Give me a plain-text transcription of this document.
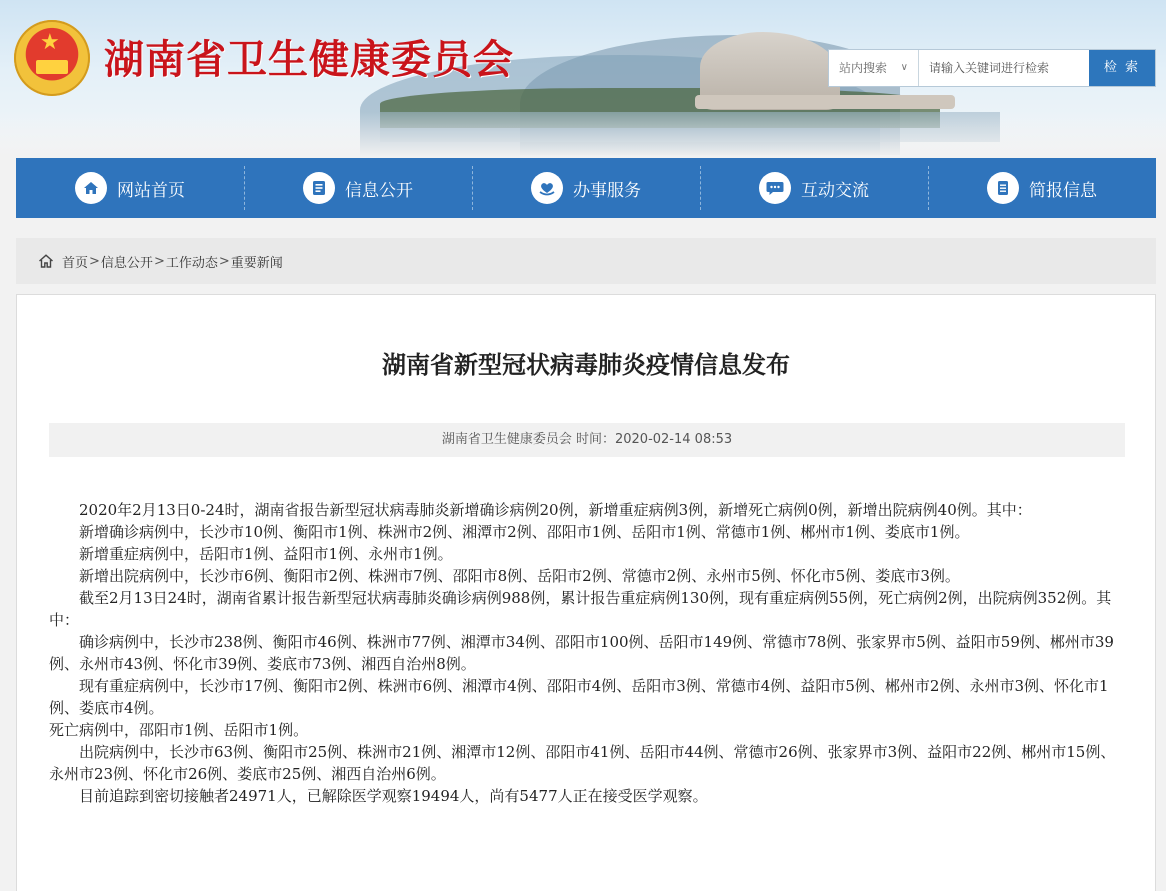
★ 湖南省卫生健康委员会	站内搜索 ∨
请输入关键词进行检索	检 索
网站首页	信息公开	办事服务	互动交流	简报信息
首页 > 信息公开 > 工作动态 > 重要新闻
湖南省新型冠状病毒肺炎疫情信息发布
湖南省卫生健康委员会 时间：2020-02-14 08:53

2020年2月13日0-24时，湖南省报告新型冠状病毒肺炎新增确诊病例20例，新增重症病例3例，新增死亡病例0例，新增出院病例40例。其中：

新增确诊病例中，长沙市10例、衡阳市1例、株洲市2例、湘潭市2例、邵阳市1例、岳阳市1例、常德市1例、郴州市1例、娄底市1例。

新增重症病例中，岳阳市1例、益阳市1例、永州市1例。

新增出院病例中，长沙市6例、衡阳市2例、株洲市7例、邵阳市8例、岳阳市2例、常德市2例、永州市5例、怀化市5例、娄底市3例。

截至2月13日24时，湖南省累计报告新型冠状病毒肺炎确诊病例988例，累计报告重症病例130例，现有重症病例55例，死亡病例2例，出院病例352例。其中：

确诊病例中，长沙市238例、衡阳市46例、株洲市77例、湘潭市34例、邵阳市100例、岳阳市149例、常德市78例、张家界市5例、益阳市59例、郴州市39例、永州市43例、怀化市39例、娄底市73例、湘西自治州8例。

现有重症病例中，长沙市17例、衡阳市2例、株洲市6例、湘潭市4例、邵阳市4例、岳阳市3例、常德市4例、益阳市5例、郴州市2例、永州市3例、怀化市1例、娄底市4例。

死亡病例中，邵阳市1例、岳阳市1例。

出院病例中，长沙市63例、衡阳市25例、株洲市21例、湘潭市12例、邵阳市41例、岳阳市44例、常德市26例、张家界市3例、益阳市22例、郴州市15例、永州市23例、怀化市26例、娄底市25例、湘西自治州6例。

目前追踪到密切接触者24971人，已解除医学观察19494人，尚有5477人正在接受医学观察。
